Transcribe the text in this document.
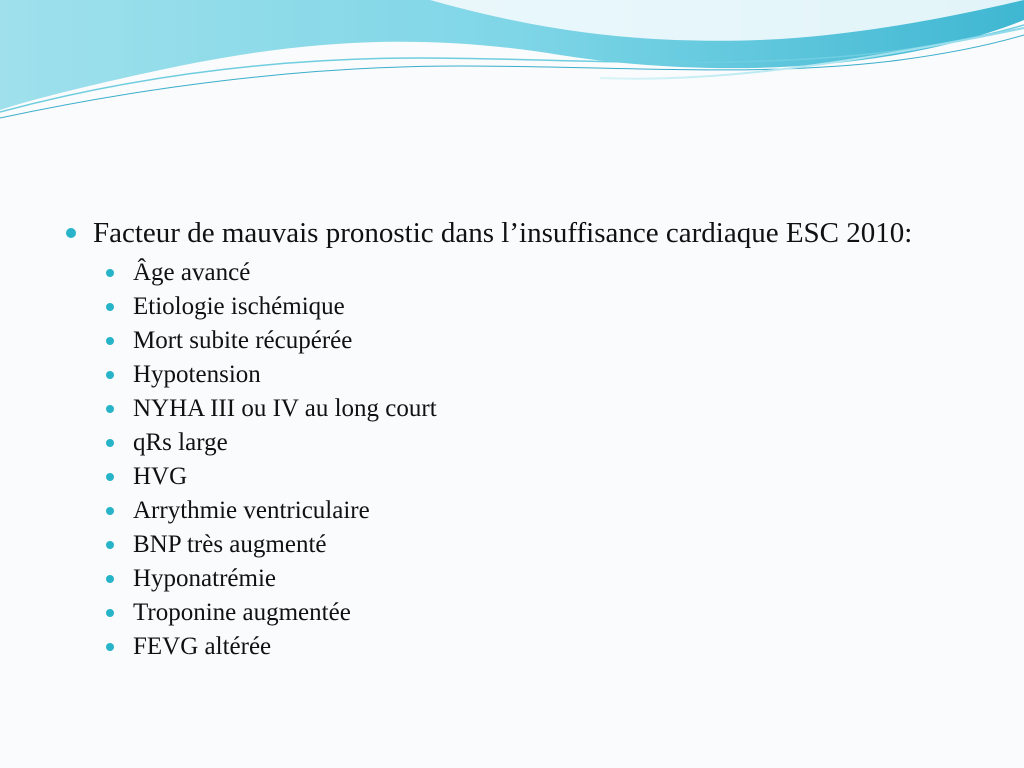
Facteur de mauvais pronostic dans l’insuffisance cardiaque ESC 2010:
Âge avancé
Etiologie ischémique
Mort subite récupérée
Hypotension
NYHA III ou IV au long court
qRs large
HVG
Arrythmie ventriculaire
BNP très augmenté
Hyponatrémie
Troponine augmentée
FEVG altérée
